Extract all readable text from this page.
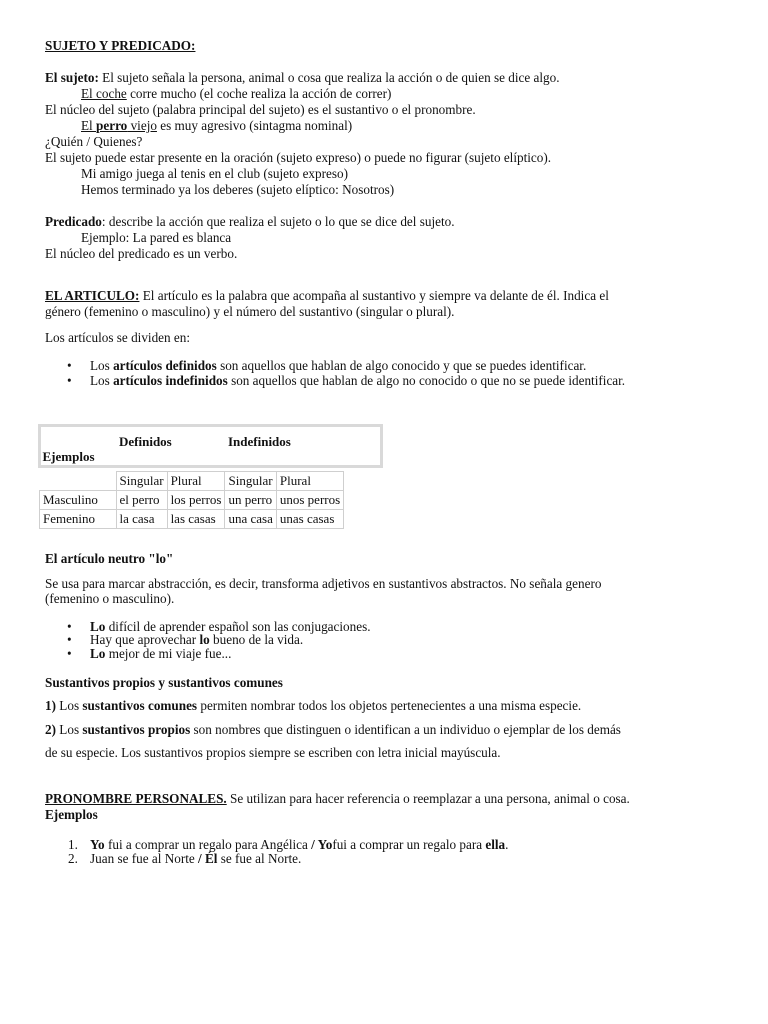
SUJETO Y PREDICADO:
El sujeto: El sujeto señala la persona, animal o cosa que realiza la acción o de quien se dice algo.
El coche corre mucho (el coche realiza la acción de correr)
El núcleo del sujeto (palabra principal del sujeto) es el sustantivo o el pronombre.
El perro viejo es muy agresivo (sintagma nominal)
¿Quién / Quienes?
El sujeto puede estar presente en la oración (sujeto expreso) o puede no figurar (sujeto elíptico).
Mi amigo juega al tenis en el club (sujeto expreso)
Hemos terminado ya los deberes (sujeto elíptico: Nosotros)
Predicado: describe la acción que realiza el sujeto o lo que se dice del sujeto.
Ejemplo: La pared es blanca
El núcleo del predicado es un verbo.
EL ARTICULO: El artículo es la palabra que acompaña al sustantivo y siempre va delante de él. Indica el
género (femenino o masculino) y el número del sustantivo (singular o plural).
Los artículos se dividen en:
• Los artículos definidos son aquellos que hablan de algo conocido y que se puedes identificar.
• Los artículos indefinidos son aquellos que hablan de algo no conocido o que no se puede identificar.
Ejemplos	Definidos		Indefinidos	
	Singular	Plural	Singular	Plural
Masculino	el perro	los perros	un perro	unos perros
Femenino	la casa	las casas	una casa	unas casas
El artículo neutro "lo"
Se usa para marcar abstracción, es decir, transforma adjetivos en sustantivos abstractos. No señala genero
(femenino o masculino).
• Lo difícil de aprender español son las conjugaciones.
• Hay que aprovechar lo bueno de la vida.
• Lo mejor de mi viaje fue...
Sustantivos propios y sustantivos comunes
1) Los sustantivos comunes permiten nombrar todos los objetos pertenecientes a una misma especie.
2) Los sustantivos propios son nombres que distinguen o identifican a un individuo o ejemplar de los demás
de su especie. Los sustantivos propios siempre se escriben con letra inicial mayúscula.
PRONOMBRE PERSONALES. Se utilizan para hacer referencia o reemplazar a una persona, animal o cosa.
Ejemplos
1. Yo fui a comprar un regalo para Angélica / Yofui a comprar un regalo para ella.
2. Juan se fue al Norte / Él se fue al Norte.
